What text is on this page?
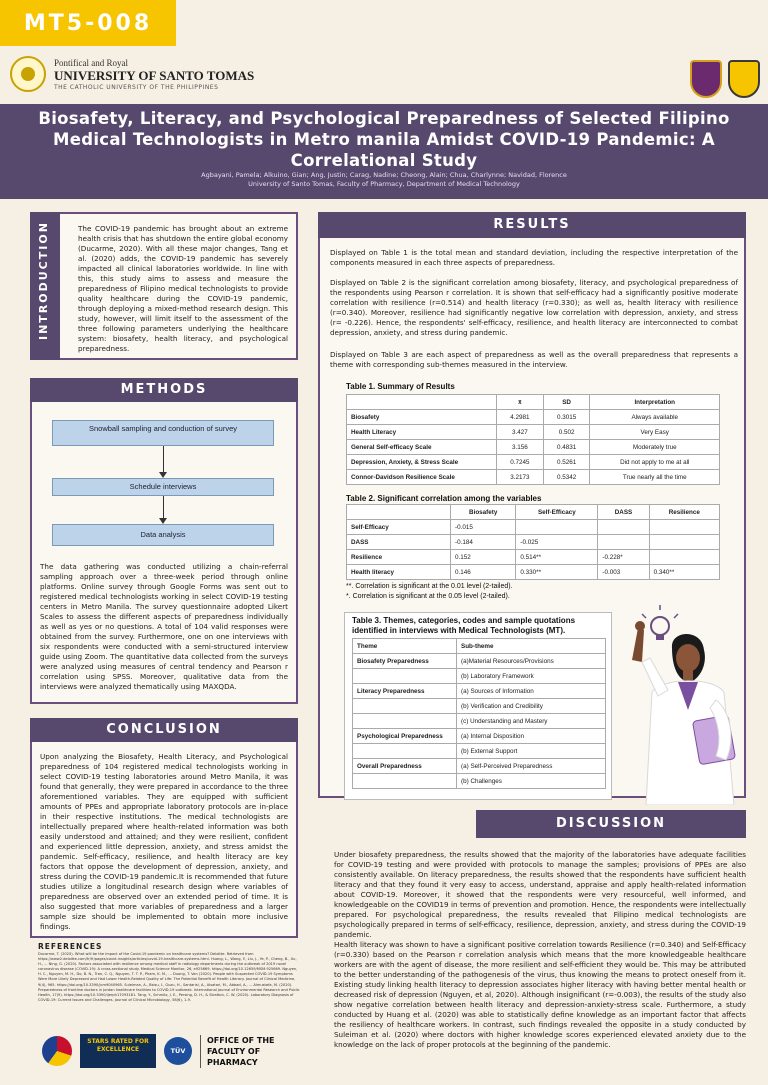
MT5-008
Pontifical and Royal
UNIVERSITY OF SANTO TOMAS
THE CATHOLIC UNIVERSITY OF THE PHILIPPINES
Biosafety, Literacy, and Psychological Preparedness of Selected Filipino Medical Technologists in Metro manila Amidst COVID-19 Pandemic: A Correlational Study
Agbayani, Pamela; Alkuino, Gian; Ang, Justin; Carag, Nadine; Cheong, Alain; Chua, Charlynne; Navidad, Florence
University of Santo Tomas, Faculty of Pharmacy, Department of Medical Technology
INTRODUCTION	The COVID-19 pandemic has brought about an extreme health crisis that has shutdown the entire global economy (Ducarme, 2020). With all these major changes, Tang et al. (2020) adds, the COVID-19 pandemic has severely impacted all clinical laboratories worldwide. In line with this, this study aims to assess and measure the preparedness of Filipino medical technologists to provide quality healthcare during the COVID-19 pandemic, through deploying a mixed-method research design. This study, however, will limit itself to the assessment of the three following parameters underlying the healthcare system: biosafety, health literacy, and psychological preparedness.
METHODS
Snowball sampling and conduction of survey
Schedule interviews
Data analysis
The data gathering was conducted utilizing a chain-referral sampling approach over a three-week period through online platforms. Online survey through Google Forms was sent out to registered medical technologists working in select COVID-19 testing centers in Metro Manila. The survey questionnaire adopted Likert Scales to assess the different aspects of preparedness individually as well as yes or no questions. A total of 104 valid responses were obtained from the survey. Furthermore, one on one interviews with six respondents were conducted with a semi-structured interview guide using Zoom. The quantitative data collected from the surveys were analyzed using measures of central tendency and Pearson r correlation using SPSS. Moreover, qualitative data from the interviews were analyzed thematically using MAXQDA.
CONCLUSION
Upon analyzing the Biosafety, Health Literacy, and Psychological preparedness of 104 registered medical technologists working in select COVID-19 testing laboratories around Metro Manila, it was found that generally, they were prepared in accordance to the three aforementioned variables. They are equipped with sufficient amounts of PPEs and appropriate laboratory protocols are in-place in their respective institutions. The medical technologists are intellectually prepared where health-related information was both easily understood and attained; and they were resilient, confident and experienced little depression, anxiety, and stress amidst the pandemic. Self-efficacy, resilience, and health literacy are key factors that oppose the development of depression, anxiety, and stress during the COVID-19 pandemic.It is recommended that future studies utilize a longitudinal research design where variables of preparedness are observed over an extended period of time. It is also suggested that more variables of preparedness and a larger sample size should be implemented to obtain more inclusive findings.
REFERENCES
Ducarme, T. (2020). What will be the impact of the Covid-19 pandemic on healthcare systems? Deloitte. Retrieved from https://www2.deloitte.com/fr/fr/pages/covid-insights/articles/covid-19-healthcare-systems.html. Huang, L., Wang, Y., Liu, J., Ye, P., Cheng, B., Xu, H., ... Ning, G. (2020). Factors associated with resilience among medical staff in radiology departments during the outbreak of 2019 novel coronavirus disease (COVID-19): A cross-sectional study. Medical Science Monitor, 26, e925669. https://doi.org/10.12659/MSM.925669. Nguyen, H. C., Nguyen, M. H., Do, B. N., Tran, C. Q., Nguyen, T. T. P., Pham, K. M., ... Duong, T. Van (2020). People with Suspected COVID-19 Symptoms Were More Likely Depressed and Had Lower Health-Related Quality of Life: The Potential Benefit of Health Literacy. Journal of Clinical Medicine, 9(4), 965. https://doi.org/10.3390/jcm9040965. Suleiman, A., Bsisu, I., Guzu, H., Santarisi, A., Alsatari, M., Abbad, A., ... Almustafa, M. (2020). Preparedness of frontline doctors in Jordan healthcare facilities to COVID-19 outbreak. International Journal of Environmental Research and Public Health, 17(9). https://doi.org/10.3390/ijerph17093181. Tang, Y., Schmitz, J. E., Persing, D. H., & Stratton, C. W. (2020). Laboratory Diagnosis of COVID-19: Current Issues and Challenges. Journal of Clinical Microbiology, 58(6), 1-9.
STARS RATED FOR EXCELLENCE	TÜV
OFFICE OF THE FACULTY OF PHARMACY
RESULTS
Displayed on Table 1 is the total mean and standard deviation, including the respective interpretation of the components measured in each three aspects of preparedness.
Displayed on Table 2 is the significant correlation among biosafety, literacy, and psychological preparedness of the respondents using Pearson r correlation. It is shown that self-efficacy had a significantly positive moderate correlation with resilience (r=0.514) and health literacy (r=0.330); as well as, health literacy with resilience (r=0.340). Moreover, resilience had significantly negative low correlation with depression, anxiety, and stress (r= -0.226). Hence, the respondents' self-efficacy, resilience, and health literacy are interconnected to combat depression, anxiety, and stress during pandemic.
Displayed on Table 3 are each aspect of preparedness as well as the overall preparedness that represents a theme with corresponding sub-themes measured in the interview.
Table 1. Summary of Results
	x̄	SD	Interpretation
Biosafety	4.2981	0.3015	Always available
Health Literacy	3.427	0.502	Very Easy
General Self-efficacy Scale	3.156	0.4831	Moderately true
Depression, Anxiety, & Stress Scale	0.7245	0.5261	Did not apply to me at all
Connor-Davidson Resilience Scale	3.2173	0.5342	True nearly all the time
Table 2. Significant correlation among the variables
	Biosafety	Self-Efficacy	DASS	Resilience
Self-Efficacy	-0.015			
DASS	-0.184	-0.025		
Resilience	0.152	0.514**	-0.228*	
Health literacy	0.146	0.330**	-0.003	0.340**
**. Correlation is significant at the 0.01 level (2-tailed).
*. Correlation is significant at the 0.05 level (2-tailed).
Table 3. Themes, categories, codes and sample quotations identified in interviews with Medical Technologists (MT).
Theme	Sub-theme
Biosafety Preparedness	(a)Material Resources/Provisions
	(b) Laboratory Framework
Literacy Preparedness	(a) Sources of Information
	(b) Verification and Credibility
	(c) Understanding and Mastery
Psychological Preparedness	(a) Internal Disposition
	(b) External Support
Overall Preparedness	(a) Self-Perceived Preparedness
	(b) Challenges
DISCUSSION
Under biosafety preparedness, the results showed that the majority of the laboratories have adequate facilities for COVID-19 testing and were provided with protocols to manage the samples; provisions of PPEs are also consistently available. On literacy preparedness, the results showed that the respondents have sufficient health literacy and that they found it very easy to access, understand, appraise and apply health-related information about COVID-19. Moreover, it showed that the respondents were very resourceful, well informed, and knowledgeable on the COVID19 in terms of prevention and promotion. Hence, the respondents were intellectually prepared. For psychological preparedness, the results revealed that Filipino medical technologists are psychologically prepared in terms of self-efficacy, resilience, depression, anxiety, and stress during the COVID-19 pandemic.
Health literacy was shown to have a significant positive correlation towards Resilience (r=0.340) and Self-Efficacy (r=0.330) based on the Pearson r correlation analysis which means that the more knowledgeable healthcare workers are with the agent of disease, the more resilient and self-efficient they would be. This may be attributed to the better understanding of the pathogenesis of the virus, thus knowing the means to protect oneself from it. Existing study linking health literacy to depression associates higher literacy with having better mental health or decreased risk of depression (Nguyen, et al, 2020). Although insignificant (r=-0.003), the results of the study also show negative correlation between health literacy and depression-anxiety-stress scale. Furthermore, a study conducted by Huang et al. (2020) was able to statistically define knowledge as an important factor that affects the resiliency of healthcare workers. In contrast, such findings revealed the opposite in a study conducted by Suleiman et al. (2020) where doctors with higher knowledge scores experienced elevated anxiety due to the knowledge on the lack of proper protocols at the beginning of the pandemic.
